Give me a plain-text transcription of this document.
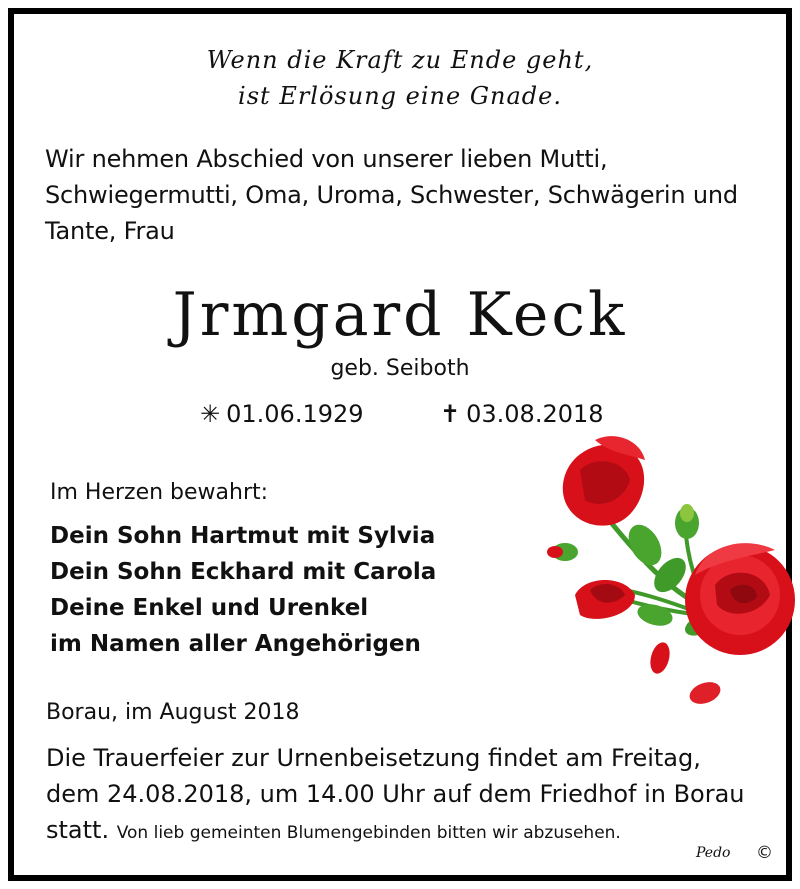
Wenn die Kraft zu Ende geht,
ist Erlösung eine Gnade.
Wir nehmen Abschied von unserer lieben Mutti,
Schwiegermutti, Oma, Uroma, Schwester, Schwägerin und
Tante, Frau
Jrmgard Keck
geb. Seiboth
✳ 01.06.1929	✝ 03.08.2018
Im Herzen bewahrt:
Dein Sohn Hartmut mit Sylvia
Dein Sohn Eckhard mit Carola
Deine Enkel und Urenkel
im Namen aller Angehörigen
Borau, im August 2018
Die Trauerfeier zur Urnenbeisetzung findet am Freitag,
dem 24.08.2018, um 14.00 Uhr auf dem Friedhof in Borau
statt. Von lieb gemeinten Blumengebinden bitten wir abzusehen.
Pedo ©
